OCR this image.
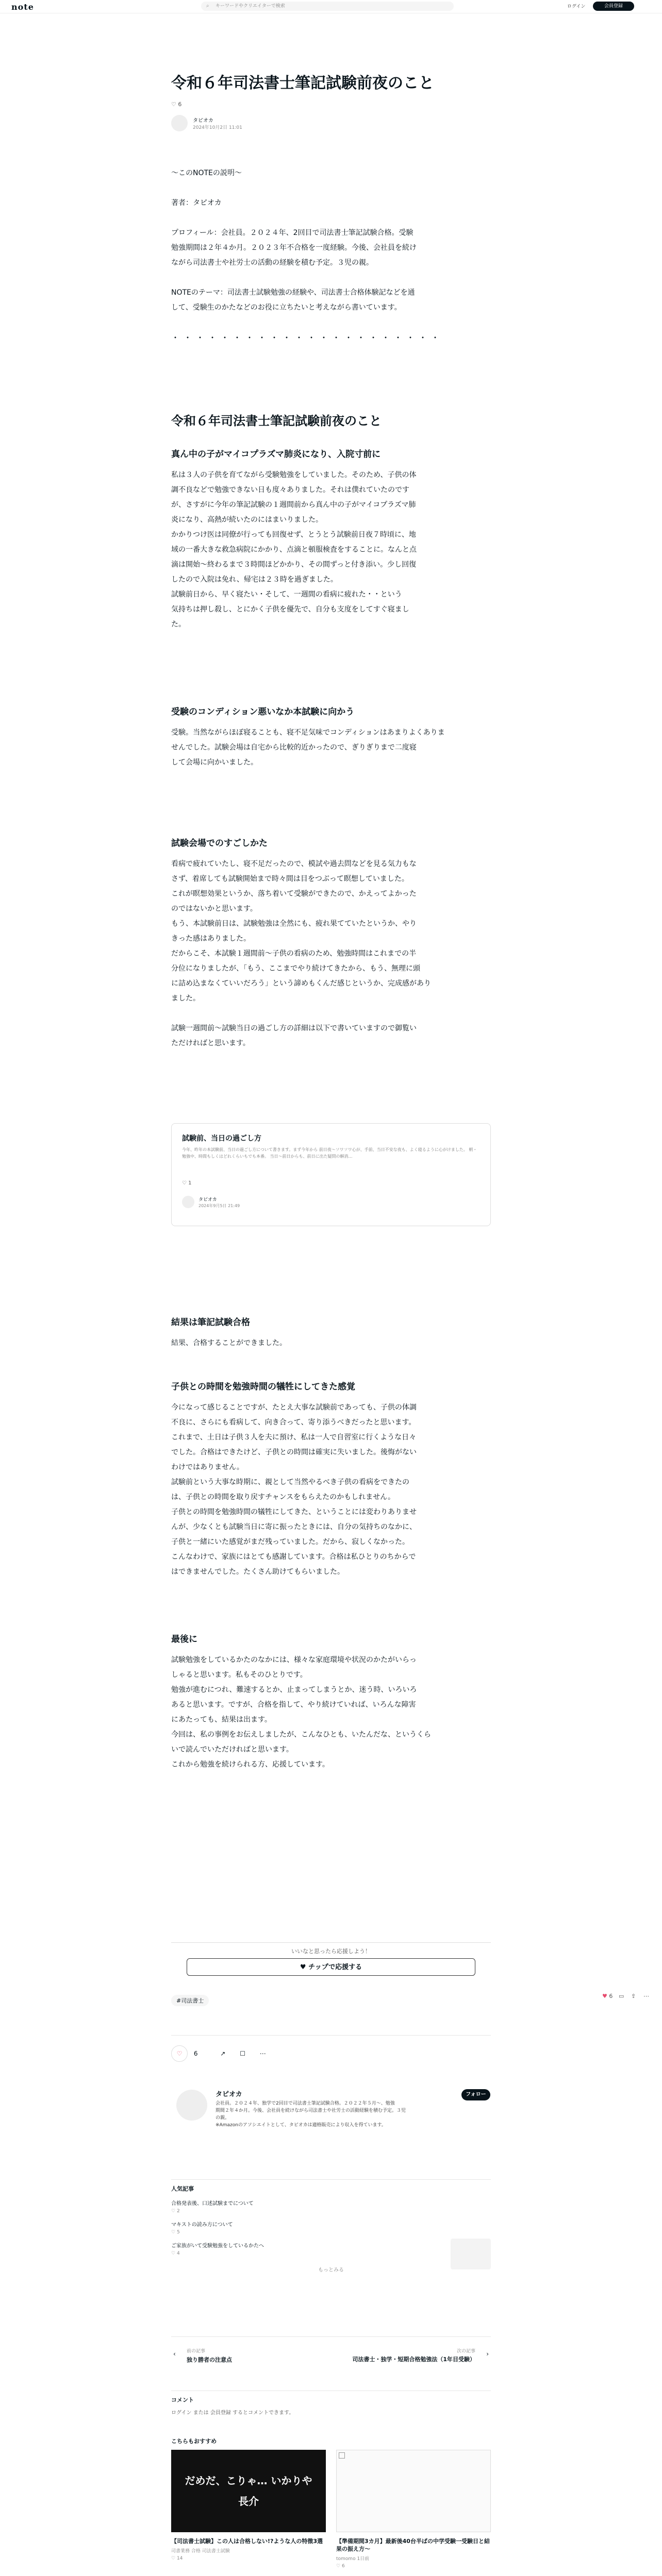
note	⌕ キーワードやクリエイターで検索	ログイン	会員登録
令和６年司法書士筆記試験前夜のこと
♡ 6
タピオカ
2024年10月2日 11:01
〜このNOTEの説明〜
著者：タピオカ
プロフィール：会社員。２０２４年、2回目で司法書士筆記試験合格。受験
勉強期間は２年４か月。２０２３年不合格を一度経験。今後、会社員を続け
ながら司法書士や社労士の活動の経験を積む予定。３児の親。
NOTEのテーマ：司法書士試験勉強の経験や、司法書士合格体験記などを通
して、受験生のかたなどのお役に立ちたいと考えながら書いています。
・・・・・・・・・・・・・・・・・・・・・・
令和６年司法書士筆記試験前夜のこと
真ん中の子がマイコプラズマ肺炎になり、入院寸前に
私は３人の子供を育てながら受験勉強をしていました。そのため、子供の体
調不良などで勉強できない日も度々ありました。それは僕れていたのです
が、さすがに今年の筆記試験の１週間前から真ん中の子がマイコプラズマ肺
炎になり、高熱が続いたのにはまいりました。
かかりつけ医は同僚が行っても回復せず、とうとう試験前日夜７時頃に、地
域の一番大きな救急病院にかかり、点滴と頓服検査をすることに。なんと点
滴は開始〜終わるまで３時間ほどかかり、その間ずっと付き添い。少し回復
したので入院は免れ、帰宅は２３時を過ぎました。
試験前日から、早く寝たい・そして、一週間の看病に疲れた・・という
気持ちは押し殺し、とにかく子供を優先で、自分も支度をしてすぐ寝まし
た。
受験のコンディション悪いなか本試験に向かう
受験。当然ながらほぼ寝ることも、寝不足気味でコンディションはあまりよくありま
せんでした。試験会場は自宅から比較的近かったので、ぎりぎりまで二度寝
して会場に向かいました。
試験会場でのすごしかた
看病で疲れていたし、寝不足だったので、模試や過去問などを見る気力もな
さず、着席しても試験開始まで時々間は目をつぶって瞑想していました。
これが瞑想効果というか、落ち着いて受験ができたので、かえってよかった
のではないかと思います。
もう、本試験前日は、試験勉強は全然にも、疲れ果てていたというか、やり
きった感はありました。
だからこそ、本試験１週間前〜子供の看病のため、勉強時間はこれまでの半
分位になりましたが、「もう、ここまでやり続けてきたから、もう、無理に頭
に詰め込まなくていいだろう」という諦めもくんだ感じというか、完成感があり
ました。
試験一週間前〜試験当日の過ごし方の詳細は以下で書いていますので御覧い
ただければと思います。
試験前、当日の過ごし方
今年、昨年の本試験前、当日の過ごし方について書きます。まず今年から 前日夜〜ソワソワ心が、手前、当日不安な夜も、よく寝るように心がけました。 朝・勉強中、時間もしくはどれくらいもでも本番。 当日〜前日からも、前日に出た疑問の解消…
♡ 1
タピオカ
2024年9月5日 21:49
結果は筆記試験合格
結果、合格することができました。
子供との時間を勉強時間の犠牲にしてきた感覚
今になって感じることですが、たとえ大事な試験前であっても、子供の体調
不良に、さらにも看病して、向き合って、寄り添うべきだったと思います。
これまで、土日は子供３人を夫に預け、私は一人で自習室に行くような日々
でした。合格はできたけど、子供との時間は確実に失いました。後悔がない
わけではありません。
試験前という大事な時期に、親として当然やるべき子供の看病をできたの
は、子供との時間を取り戻すチャンスをもらえたのかもしれません。
子供との時間を勉強時間の犠牲にしてきた、ということには変わりありませ
んが、少なくとも試験当日に寄に振ったときには、自分の気持ちのなかに、
子供と一緒にいた感覚がまだ残っていました。だから、寂しくなかった。
こんなわけで、家族にはとても感謝しています。合格は私ひとりのちからで
はできませんでした。たくさん助けてもらいました。
最後に
試験勉強をしているかたのなかには、様々な家庭環境や状況のかたがいらっ
しゃると思います。私もそのひとりです。
勉強が進むにつれ、難速するとか、止まってしまうとか、迷う時、いろいろ
あると思います。ですが、合格を指して、やり続けていれば、いろんな障害
にあたっても、結果は出ます。
今回は、私の事例をお伝えしましたが、こんなひとも、いたんだな、というくら
いで読んでいただければと思います。
これから勉強を続けられる方、応援しています。
いいなと思ったら応援しよう！
♥ チップで応援する
#司法書士
♥ 6 ▭ ⇪ ⋯
♡ 6	↗ ☐ ⋯
タピオカ
会社員。２０２４年、独学で2回目で司法書士筆記試験合格。２０２２年５月〜、勉強
期間２年４か月。今後、会社員を続けながら司法書士や社労士の活動経験を積む予定。３児
の親。
※Amazonのアソシエイトとして、タピオカは適格販売により収入を得ています。
フォロー
人気記事
合格発表後、口述試験までについて
♡ 2
マキストの読み方について
♡ 5
ご家族がいて受験勉強をしているかたへ
♡ 4
もっとみる
‹ 前の記事
独り勝者の注意点
次の記事
司法書士・独学・短期合格勉強法（1年目受験）
›
コメント
ログイン または 会員登録 するとコメントできます。
こちらもおすすめ
だめだ、こりゃ… いかりや長介
【司法書士試験】この人は合格しない!?ような人の特徴3選
司書業務 合格 司法書士試験
♡ 14
【準備期間3カ月】最新後40台半ばの中学受験一受験日と結果の振え方〜
tomomo 1日前
♡ 6
